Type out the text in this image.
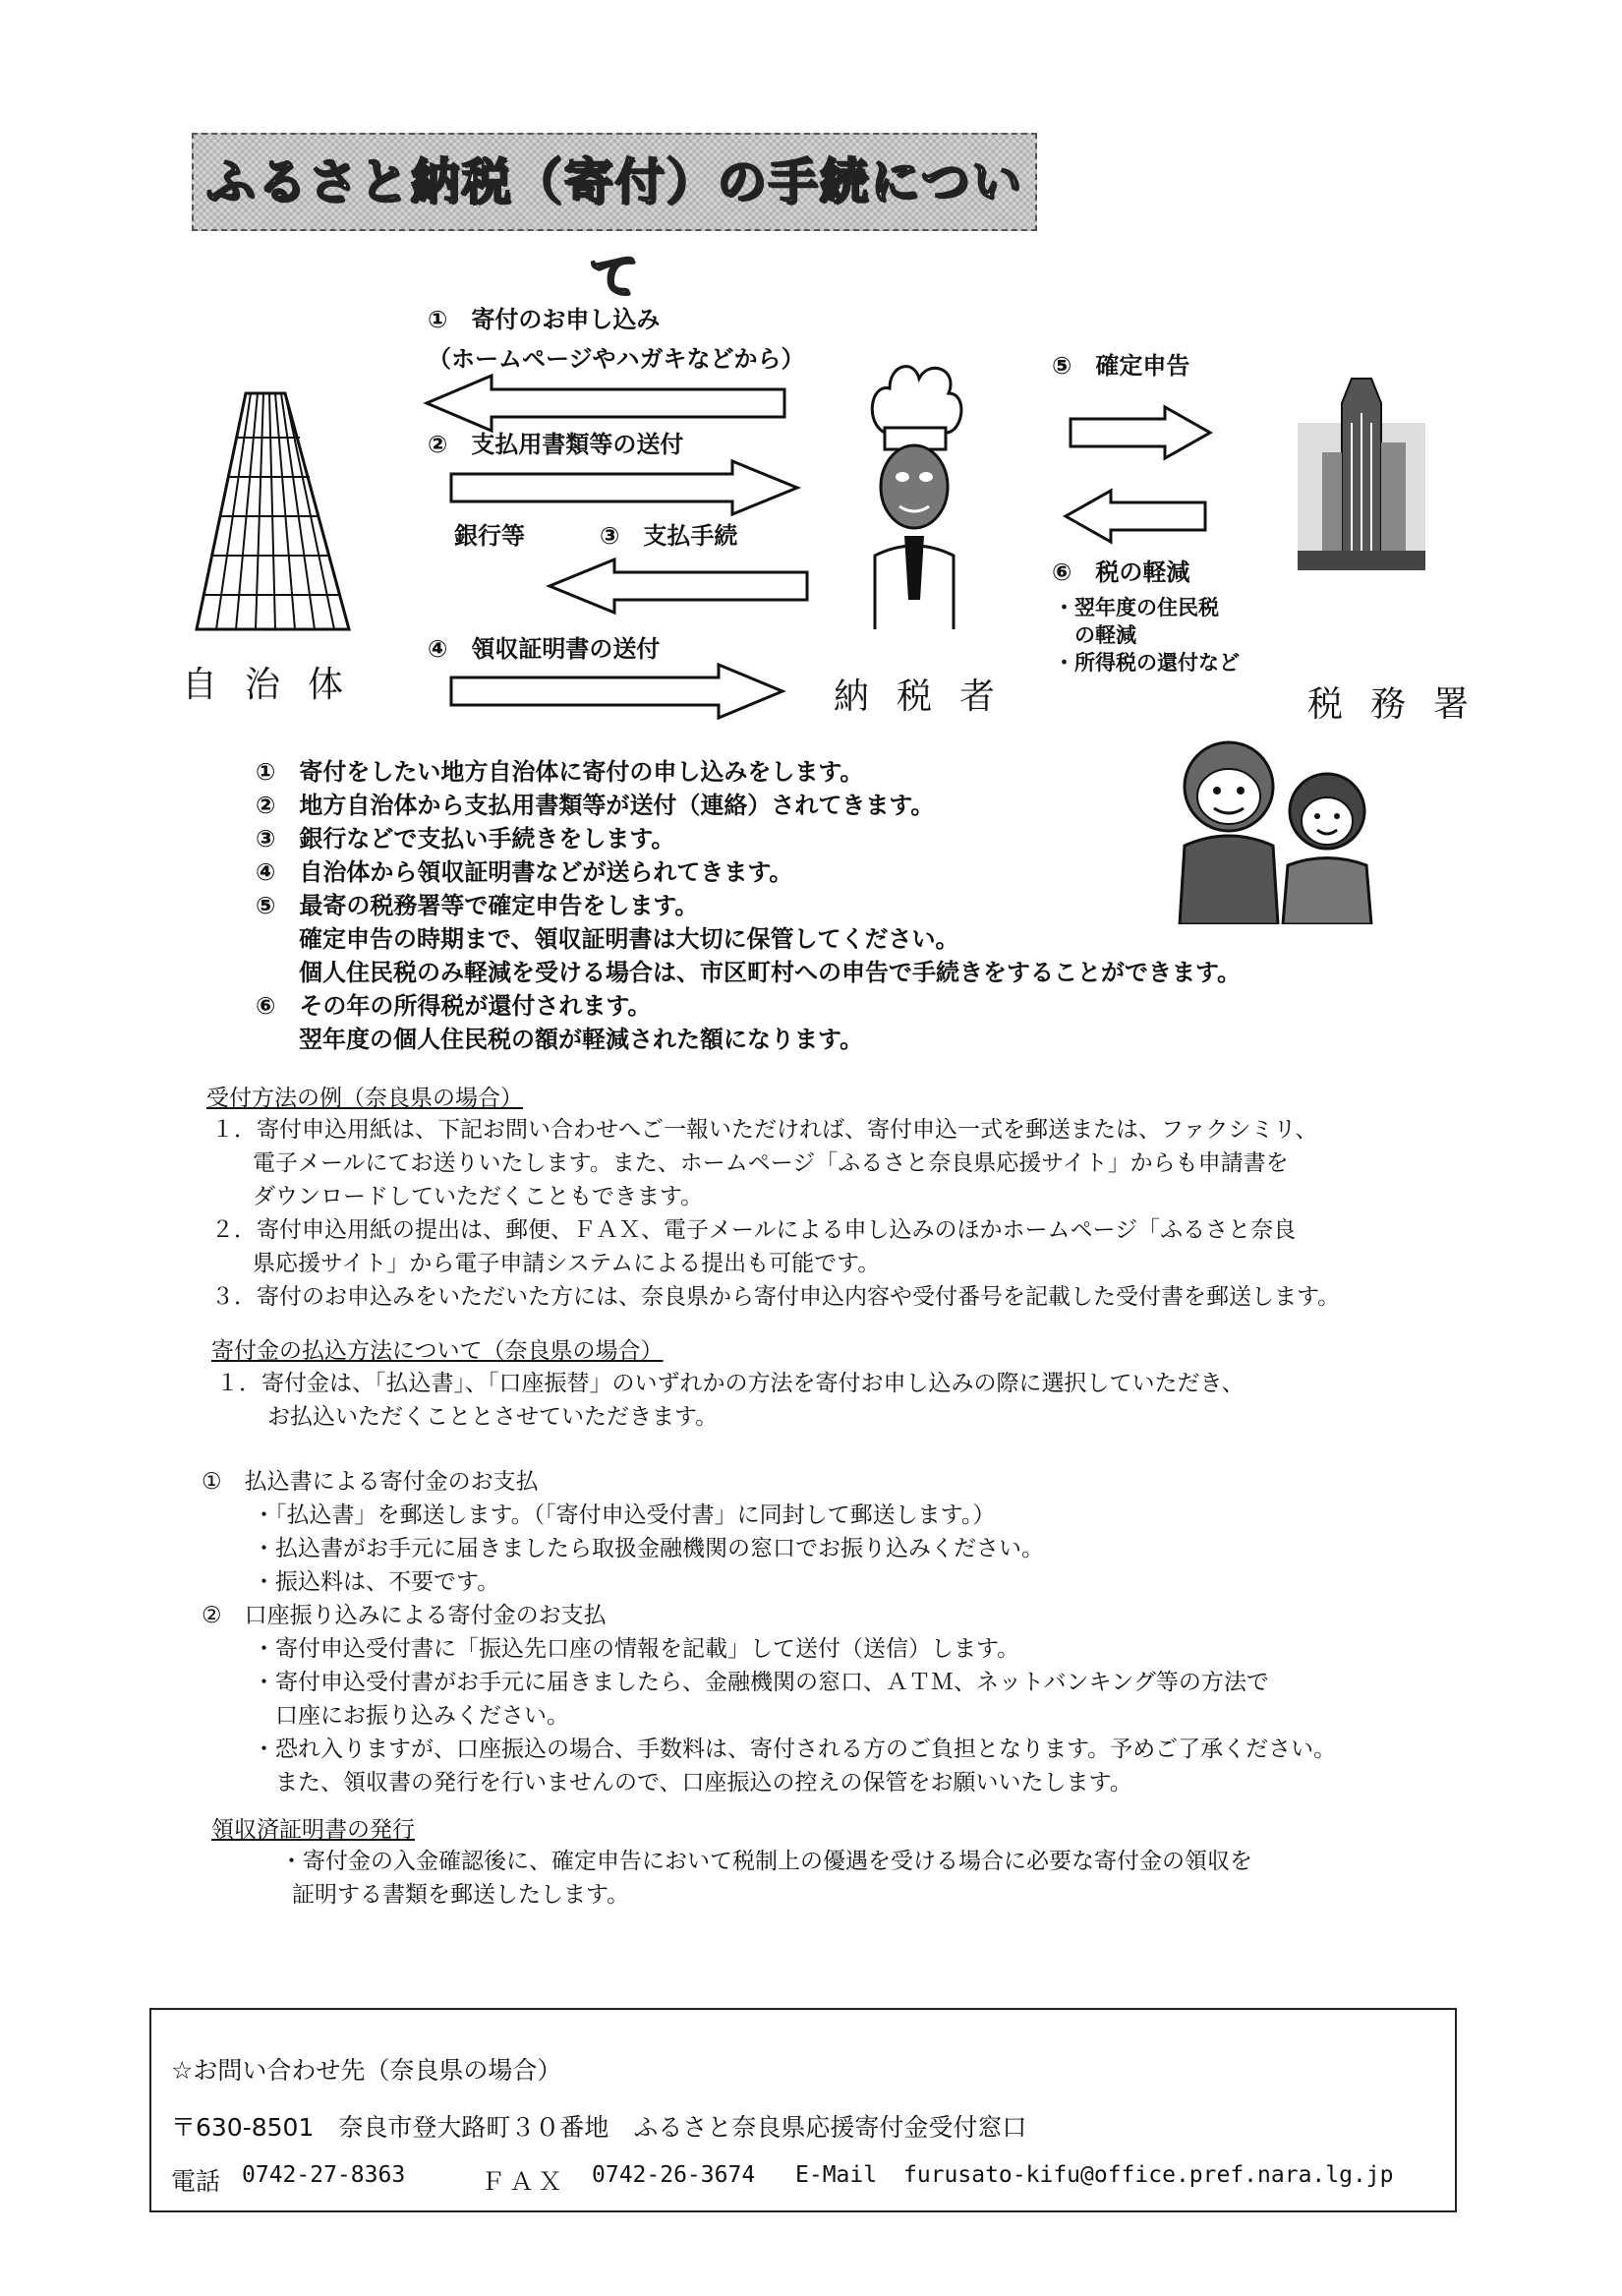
ふるさと納税（寄付）の手続について
①　寄付のお申し込み
（ホームページやハガキなどから）
②　支払用書類等の送付
銀行等	③　支払手続
④　領収証明書の送付
自治体	納税者
⑤　確定申告
⑥　税の軽減
・翌年度の住民税
　の軽減
・所得税の還付など
税務署

①　寄付をしたい地方自治体に寄付の申し込みをします。

②　地方自治体から支払用書類等が送付（連絡）されてきます。

③　銀行などで支払い手続きをします。

④　自治体から領収証明書などが送られてきます。

⑤　最寄の税務署等で確定申告をします。

確定申告の時期まで、領収証明書は大切に保管してください。

個人住民税のみ軽減を受ける場合は、市区町村への申告で手続きをすることができます。

⑥　その年の所得税が還付されます。

翌年度の個人住民税の額が軽減された額になります。

受付方法の例（奈良県の場合）

１．寄付申込用紙は、下記お問い合わせへご一報いただければ、寄付申込一式を郵送または、ファクシミリ、

電子メールにてお送りいたします。また、ホームページ「ふるさと奈良県応援サイト」からも申請書を

ダウンロードしていただくこともできます。

２．寄付申込用紙の提出は、郵便、ＦＡＸ、電子メールによる申し込みのほかホームページ「ふるさと奈良

県応援サイト」から電子申請システムによる提出も可能です。

３．寄付のお申込みをいただいた方には、奈良県から寄付申込内容や受付番号を記載した受付書を郵送します。

寄付金の払込方法について（奈良県の場合）

１．寄付金は、「払込書」、「口座振替」のいずれかの方法を寄付お申し込みの際に選択していただき、

お払込いただくこととさせていただきます。

①　払込書による寄付金のお支払

・「払込書」を郵送します。（「寄付申込受付書」に同封して郵送します。）

・払込書がお手元に届きましたら取扱金融機関の窓口でお振り込みください。

・振込料は、不要です。

②　口座振り込みによる寄付金のお支払

・寄付申込受付書に「振込先口座の情報を記載」して送付（送信）します。

・寄付申込受付書がお手元に届きましたら、金融機関の窓口、ＡＴＭ、ネットバンキング等の方法で

　口座にお振り込みください。

・恐れ入りますが、口座振込の場合、手数料は、寄付される方のご負担となります。予めご了承ください。

　また、領収書の発行を行いませんので、口座振込の控えの保管をお願いいたします。

領収済証明書の発行

・寄付金の入金確認後に、確定申告において税制上の優遇を受ける場合に必要な寄付金の領収を

証明する書類を郵送したします。

☆お問い合わせ先（奈良県の場合）

〒630-8501　奈良市登大路町３０番地　ふるさと奈良県応援寄付金受付窓口

電話 0742-27-8363	ＦＡＸ 0742-26-3674 E-Mail furusato-kifu@office.pref.nara.lg.jp
